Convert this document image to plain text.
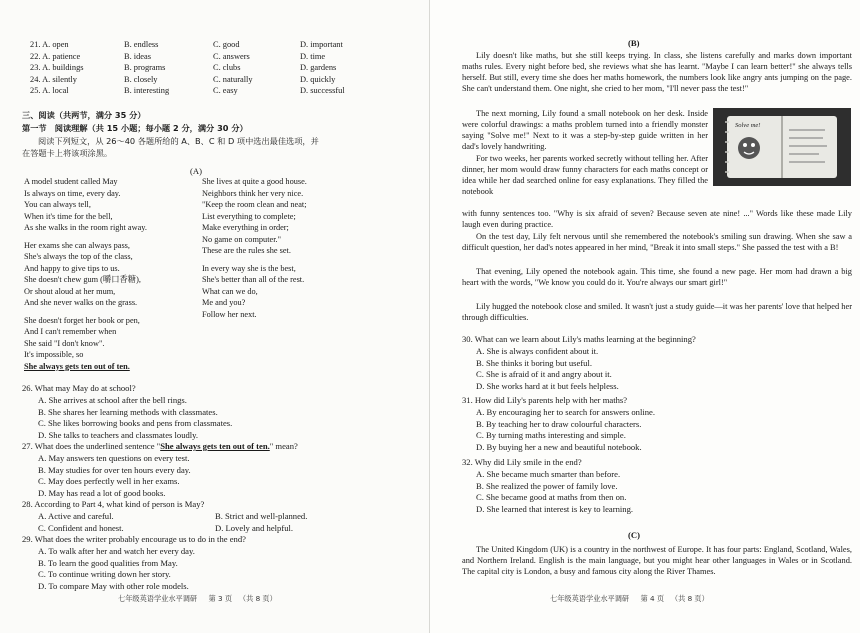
21. A. open	B. endless	C. good	D. important
22. A. patience	B. ideas	C. answers	D. time
23. A. buildings	B. programs	C. clubs	D. gardens
24. A. silently	B. closely	C. naturally	D. quickly
25. A. local	B. interesting	C. easy	D. successful
三、阅读（共两节，满分 35 分）
第一节　阅读理解（共 15 小题；每小题 2 分，满分 30 分）
阅读下列短文，从 26～40 各题所给的 A、B、C 和 D 项中选出最佳选项，并
在答题卡上将该项涂黑。
(A)
A model student called May
Is always on time, every day.
You can always tell,
When it's time for the bell,
As she walks in the room right away.
Her exams she can always pass,
She's always the top of the class,
And happy to give tips to us.
She doesn't chew gum (嚼口香糖),
Or shout aloud at her mum,
And she never walks on the grass.
She doesn't forget her book or pen,
And I can't remember when
She said "I don't know".
It's impossible, so
She always gets ten out of ten.
She lives at quite a good house.
Neighbors think her very nice.
"Keep the room clean and neat;
List everything to complete;
Make everything in order;
No game on computer."
These are the rules she set.
In every way she is the best,
She's better than all of the rest.
What can we do,
Me and you?
Follow her next.
26. What may May do at school?
A. She arrives at school after the bell rings.
B. She shares her learning methods with classmates.
C. She likes borrowing books and pens from classmates.
D. She talks to teachers and classmates loudly.
27. What does the underlined sentence "She always gets ten out of ten." mean?
A. May answers ten questions on every test.
B. May studies for over ten hours every day.
C. May does perfectly well in her exams.
D. May has read a lot of good books.
28. According to Part 4, what kind of person is May?
A. Active and careful.	B. Strict and well-planned.
C. Confident and honest.	D. Lovely and helpful.
29. What does the writer probably encourage us to do in the end?
A. To walk after her and watch her every day.
B. To learn the good qualities from May.
C. To continue writing down her story.
D. To compare May with other role models.
七年级英语学业水平调研 第 3 页 （共 8 页）
(B)
Lily doesn't like maths, but she still keeps trying. In class, she listens carefully and marks down important maths rules. Every night before bed, she reviews what she has learnt. "Maybe I can learn better!" she always tells herself. But still, every time she does her maths homework, the numbers look like angry ants jumping on the page. She can't understand them. One night, she cried to her mom, "I'll never pass the test!"
The next morning, Lily found a small notebook on her desk. Inside were colorful drawings: a maths problem turned into a friendly monster saying "Solve me!" Next to it was a step-by-step guide written in her dad's lovely handwriting.
Solve me!
For two weeks, her parents worked secretly without telling her. After dinner, her mom would draw funny characters for each maths concept or idea while her dad searched online for easy explanations. They filled the notebook
with funny sentences too. "Why is six afraid of seven? Because seven ate nine! ..." Words like these made Lily laugh even during practice.
On the test day, Lily felt nervous until she remembered the notebook's smiling sun drawing. When she saw a difficult question, her dad's notes appeared in her mind, "Break it into small steps." She passed the test with a B!
That evening, Lily opened the notebook again. This time, she found a new page. Her mom had drawn a big heart with the words, "We know you could do it. You're always our smart girl!"
Lily hugged the notebook close and smiled. It wasn't just a study guide—it was her parents' love that helped her through difficulties.
30. What can we learn about Lily's maths learning at the beginning?
A. She is always confident about it.
B. She thinks it boring but useful.
C. She is afraid of it and angry about it.
D. She works hard at it but feels helpless.
31. How did Lily's parents help with her maths?
A. By encouraging her to search for answers online.
B. By teaching her to draw colourful characters.
C. By turning maths interesting and simple.
D. By buying her a new and beautiful notebook.
32. Why did Lily smile in the end?
A. She became much smarter than before.
B. She realized the power of family love.
C. She became good at maths from then on.
D. She learned that interest is key to learning.
(C)
The United Kingdom (UK) is a country in the northwest of Europe. It has four parts: England, Scotland, Wales, and Northern Ireland. English is the main language, but you might hear other languages in Wales or in Scotland. The capital city is London, a busy and famous city along the River Thames.
七年级英语学业水平调研 第 4 页 （共 8 页）
